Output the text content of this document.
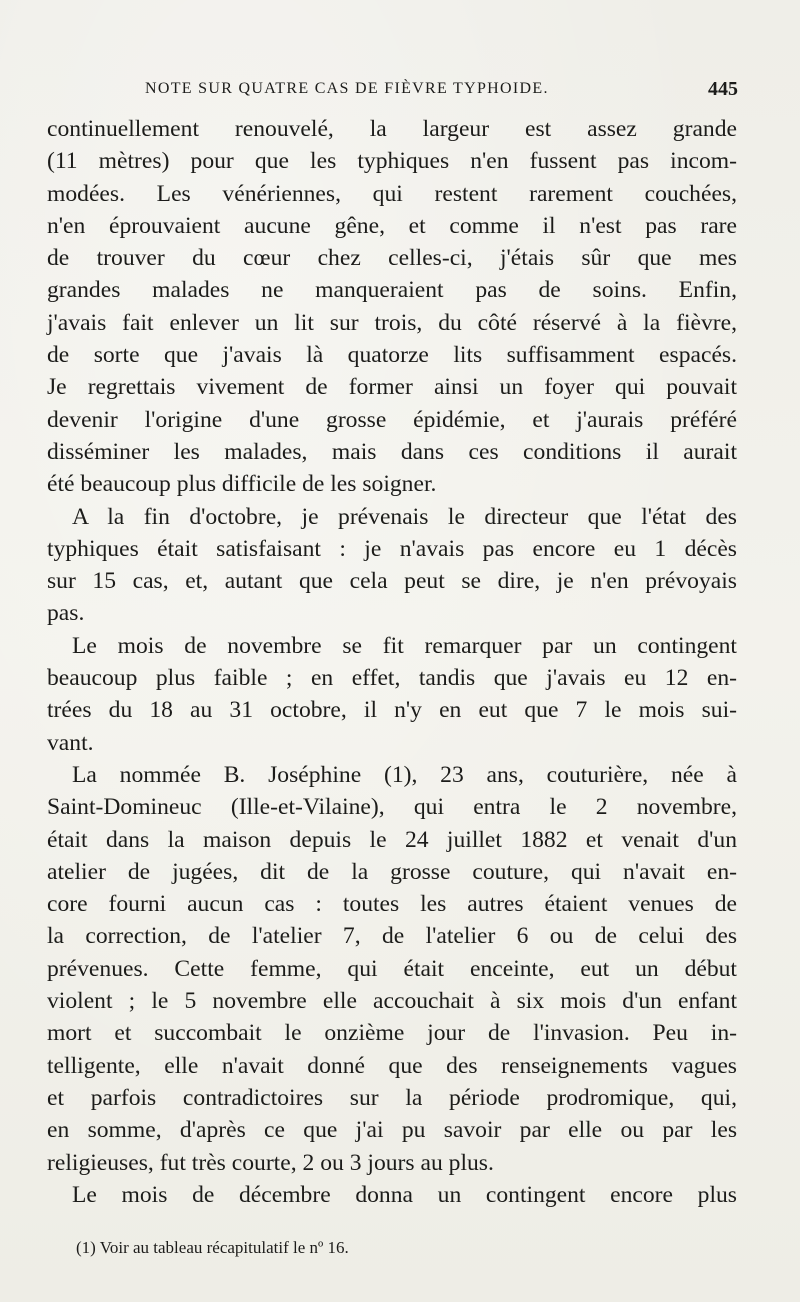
NOTE SUR QUATRE CAS DE FIÈVRE TYPHOIDE.	445
continuellement renouvelé, la largeur est assez grande
(11 mètres) pour que les typhiques n'en fussent pas incom-
modées. Les vénériennes, qui restent rarement couchées,
n'en éprouvaient aucune gêne, et comme il n'est pas rare
de trouver du cœur chez celles-ci, j'étais sûr que mes
grandes malades ne manqueraient pas de soins. Enfin,
j'avais fait enlever un lit sur trois, du côté réservé à la fièvre,
de sorte que j'avais là quatorze lits suffisamment espacés.
Je regrettais vivement de former ainsi un foyer qui pouvait
devenir l'origine d'une grosse épidémie, et j'aurais préféré
disséminer les malades, mais dans ces conditions il aurait
été beaucoup plus difficile de les soigner.
A la fin d'octobre, je prévenais le directeur que l'état des
typhiques était satisfaisant : je n'avais pas encore eu 1 décès
sur 15 cas, et, autant que cela peut se dire, je n'en prévoyais
pas.
Le mois de novembre se fit remarquer par un contingent
beaucoup plus faible ; en effet, tandis que j'avais eu 12 en-
trées du 18 au 31 octobre, il n'y en eut que 7 le mois sui-
vant.
La nommée B. Joséphine (1), 23 ans, couturière, née à
Saint-Domineuc (Ille-et-Vilaine), qui entra le 2 novembre,
était dans la maison depuis le 24 juillet 1882 et venait d'un
atelier de jugées, dit de la grosse couture, qui n'avait en-
core fourni aucun cas : toutes les autres étaient venues de
la correction, de l'atelier 7, de l'atelier 6 ou de celui des
prévenues. Cette femme, qui était enceinte, eut un début
violent ; le 5 novembre elle accouchait à six mois d'un enfant
mort et succombait le onzième jour de l'invasion. Peu in-
telligente, elle n'avait donné que des renseignements vagues
et parfois contradictoires sur la période prodromique, qui,
en somme, d'après ce que j'ai pu savoir par elle ou par les
religieuses, fut très courte, 2 ou 3 jours au plus.
Le mois de décembre donna un contingent encore plus
(1) Voir au tableau récapitulatif le nº 16.
